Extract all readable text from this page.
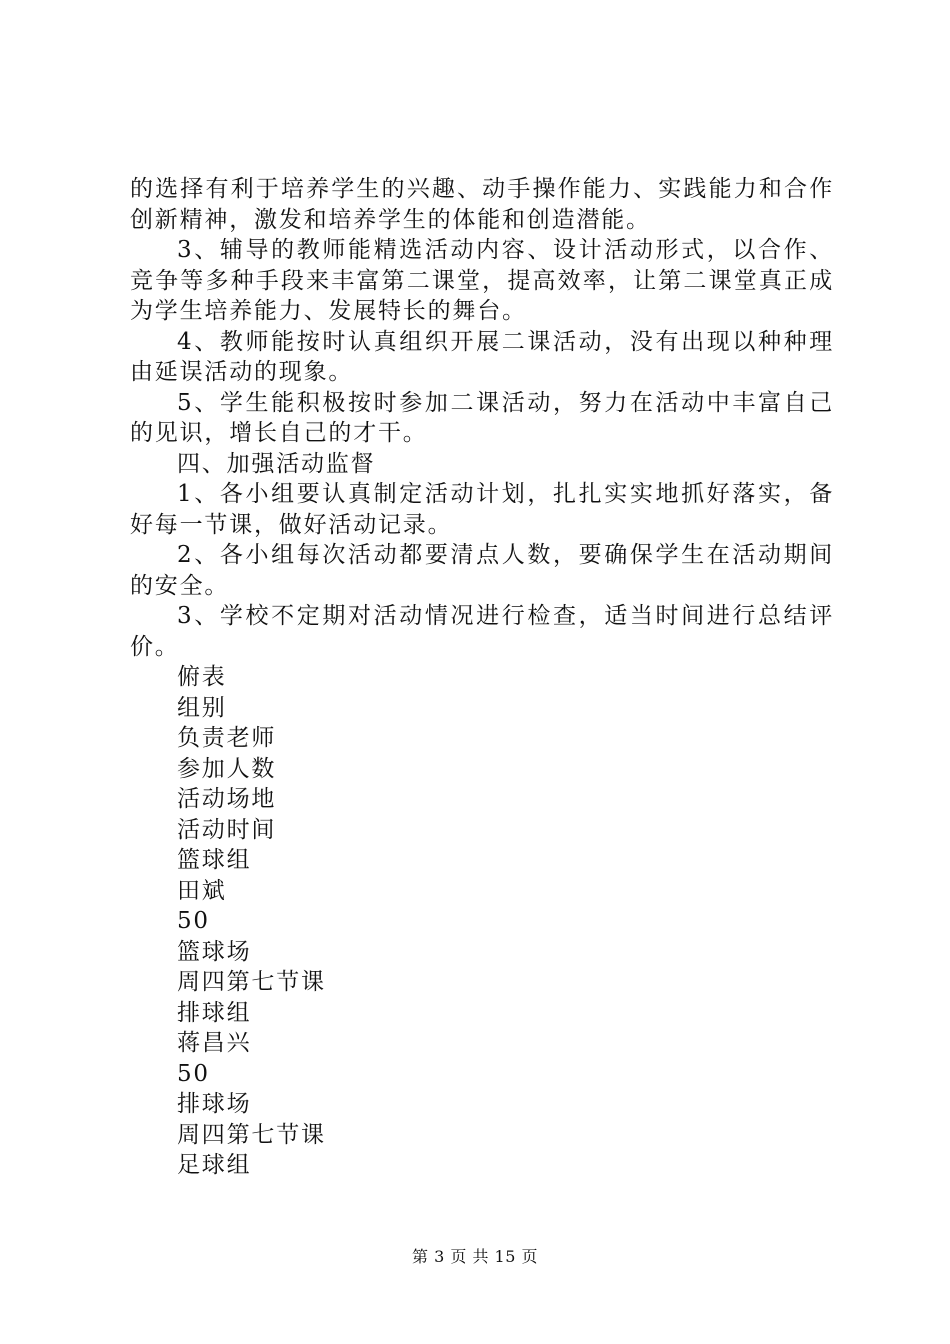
的选择有利于培养学生的兴趣、动手操作能力、实践能力和合作创新精神，激发和培养学生的体能和创造潜能。

3、辅导的教师能精选活动内容、设计活动形式，以合作、竞争等多种手段来丰富第二课堂，提高效率，让第二课堂真正成为学生培养能力、发展特长的舞台。

4、教师能按时认真组织开展二课活动，没有出现以种种理由延误活动的现象。

5、学生能积极按时参加二课活动，努力在活动中丰富自己的见识，增长自己的才干。

四、加强活动监督

1、各小组要认真制定活动计划，扎扎实实地抓好落实，备好每一节课，做好活动记录。

2、各小组每次活动都要清点人数，要确保学生在活动期间的安全。

3、学校不定期对活动情况进行检查，适当时间进行总结评价。

俯表

组别

负责老师

参加人数

活动场地

活动时间

篮球组

田斌

50

篮球场

周四第七节课

排球组

蒋昌兴

50

排球场

周四第七节课

足球组

第 3 页 共 15 页
